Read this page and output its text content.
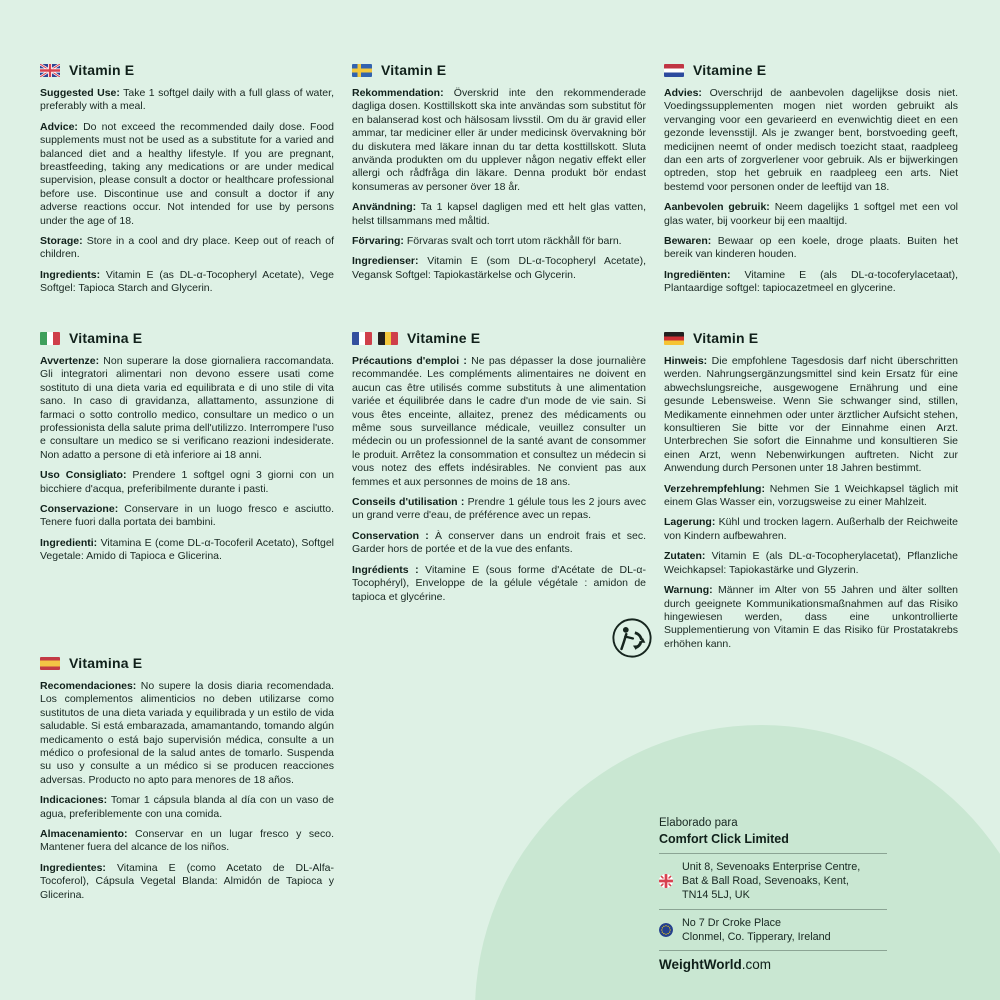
Vitamin E

Suggested Use: Take 1 softgel daily with a full glass of water, preferably with a meal.

Advice: Do not exceed the recommended daily dose. Food supplements must not be used as a substitute for a varied and balanced diet and a healthy lifestyle. If you are pregnant, breastfeeding, taking any medications or are under medical supervision, please consult a doctor or healthcare professional before use. Discontinue use and consult a doctor if any adverse reactions occur. Not intended for use by persons under the age of 18.

Storage: Store in a cool and dry place. Keep out of reach of children.

Ingredients: Vitamin E (as DL-α-Tocopheryl Acetate), Vege Softgel: Tapioca Starch and Glycerin.

Vitamin E

Rekommendation: Överskrid inte den rekommenderade dagliga dosen. Kosttillskott ska inte användas som substitut för en balanserad kost och hälsosam livsstil. Om du är gravid eller ammar, tar mediciner eller är under medicinsk övervakning bör du diskutera med läkare innan du tar detta kosttillskott. Sluta använda produkten om du upplever någon negativ effekt eller allergi och rådfråga din läkare. Denna produkt bör endast konsumeras av personer över 18 år.

Användning: Ta 1 kapsel dagligen med ett helt glas vatten, helst tillsammans med måltid.

Förvaring: Förvaras svalt och torrt utom räckhåll för barn.

Ingredienser: Vitamin E (som DL-α-Tocopheryl Acetate), Vegansk Softgel: Tapiokastärkelse och Glycerin.

Vitamine E

Advies: Overschrijd de aanbevolen dagelijkse dosis niet. Voedingssupplementen mogen niet worden gebruikt als vervanging voor een gevarieerd en evenwichtig dieet en een gezonde levensstijl. Als je zwanger bent, borstvoeding geeft, medicijnen neemt of onder medisch toezicht staat, raadpleeg dan een arts of zorgverlener voor gebruik. Als er bijwerkingen optreden, stop het gebruik en raadpleeg een arts. Niet bestemd voor personen onder de leeftijd van 18.

Aanbevolen gebruik: Neem dagelijks 1 softgel met een vol glas water, bij voorkeur bij een maaltijd.

Bewaren: Bewaar op een koele, droge plaats. Buiten het bereik van kinderen houden.

Ingrediënten: Vitamine E (als DL-α-tocoferylacetaat), Plantaardige softgel: tapiocazetmeel en glycerine.

Vitamina E

Avvertenze: Non superare la dose giornaliera raccomandata. Gli integratori alimentari non devono essere usati come sostituto di una dieta varia ed equilibrata e di uno stile di vita sano. In caso di gravidanza, allattamento, assunzione di farmaci o sotto controllo medico, consultare un medico o un professionista della salute prima dell'utilizzo. Interrompere l'uso e consultare un medico se si verificano reazioni indesiderate. Non adatto a persone di età inferiore ai 18 anni.

Uso Consigliato: Prendere 1 softgel ogni 3 giorni con un bicchiere d'acqua, preferibilmente durante i pasti.

Conservazione: Conservare in un luogo fresco e asciutto. Tenere fuori dalla portata dei bambini.

Ingredienti: Vitamina E (come DL-α-Tocoferil Acetato), Softgel Vegetale: Amido di Tapioca e Glicerina.

Vitamine E

Précautions d'emploi : Ne pas dépasser la dose journalière recommandée. Les compléments alimentaires ne doivent en aucun cas être utilisés comme substituts à une alimentation variée et équilibrée dans le cadre d'un mode de vie sain. Si vous êtes enceinte, allaitez, prenez des médicaments ou même sous surveillance médicale, veuillez consulter un médecin ou un professionnel de la santé avant de consommer le produit. Arrêtez la consommation et consultez un médecin si vous notez des effets indésirables. Ne convient pas aux femmes et aux personnes de moins de 18 ans.

Conseils d'utilisation : Prendre 1 gélule tous les 2 jours avec un grand verre d'eau, de préférence avec un repas.

Conservation : À conserver dans un endroit frais et sec. Garder hors de portée et de la vue des enfants.

Ingrédients : Vitamine E (sous forme d'Acétate de DL-α-Tocophéryl), Enveloppe de la gélule végétale : amidon de tapioca et glycérine.

Vitamin E

Hinweis: Die empfohlene Tagesdosis darf nicht überschritten werden. Nahrungsergänzungsmittel sind kein Ersatz für eine abwechslungsreiche, ausgewogene Ernährung und eine gesunde Lebensweise. Wenn Sie schwanger sind, stillen, Medikamente einnehmen oder unter ärztlicher Aufsicht stehen, konsultieren Sie bitte vor der Einnahme einen Arzt. Unterbrechen Sie sofort die Einnahme und konsultieren Sie einen Arzt, wenn Nebenwirkungen auftreten. Nicht zur Anwendung durch Personen unter 18 Jahren bestimmt.

Verzehrempfehlung: Nehmen Sie 1 Weichkapsel täglich mit einem Glas Wasser ein, vorzugsweise zu einer Mahlzeit.

Lagerung: Kühl und trocken lagern. Außerhalb der Reichweite von Kindern aufbewahren.

Zutaten: Vitamin E (als DL-α-Tocopherylacetat), Pflanzliche Weichkapsel: Tapiokastärke und Glyzerin.

Warnung: Männer im Alter von 55 Jahren und älter sollten durch geeignete Kommunikationsmaßnahmen auf das Risiko hingewiesen werden, dass eine unkontrollierte Supplementierung von Vitamin E das Risiko für Prostatakrebs erhöhen kann.

Vitamina E

Recomendaciones: No supere la dosis diaria recomendada. Los complementos alimenticios no deben utilizarse como sustitutos de una dieta variada y equilibrada y un estilo de vida saludable. Si está embarazada, amamantando, tomando algún medicamento o está bajo supervisión médica, consulte a un médico o profesional de la salud antes de tomarlo. Suspenda su uso y consulte a un médico si se producen reacciones adversas. Producto no apto para menores de 18 años.

Indicaciones: Tomar 1 cápsula blanda al día con un vaso de agua, preferiblemente con una comida.

Almacenamiento: Conservar en un lugar fresco y seco. Mantener fuera del alcance de los niños.

Ingredientes: Vitamina E (como Acetato de DL-Alfa-Tocoferol), Cápsula Vegetal Blanda: Almidón de Tapioca y Glicerina.

Elaborado para
Comfort Click Limited
Unit 8, Sevenoaks Enterprise Centre,
Bat & Ball Road, Sevenoaks, Kent,
TN14 5LJ, UK
No 7 Dr Croke Place
Clonmel, Co. Tipperary, Ireland
WeightWorld.com
